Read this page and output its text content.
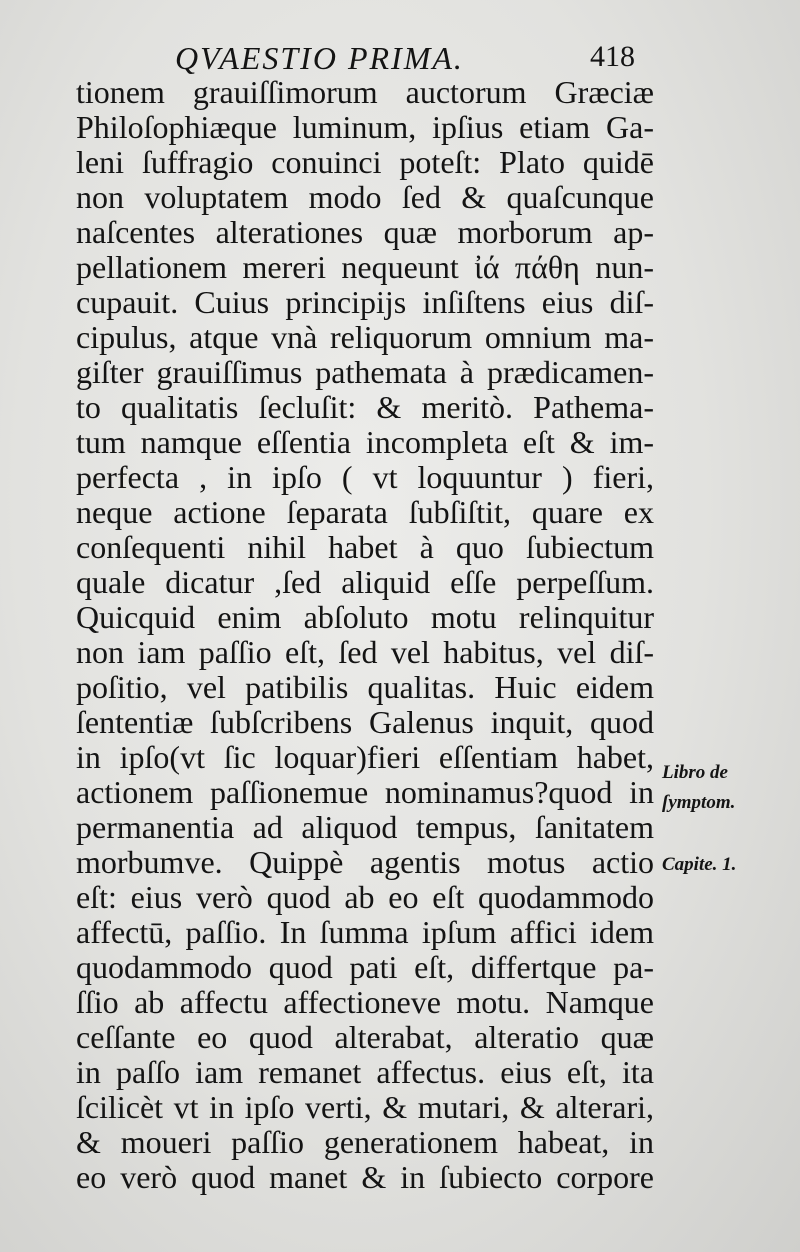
QVAESTIO PRIMA.	418
tionem grauiſſimorum auctorum Græciæ
Philoſophiæque luminum, ipſius etiam Ga-
leni ſuffragio conuinci poteſt: Plato quidē
non voluptatem modo ſed & quaſcunque
naſcentes alterationes quæ morborum ap-
pellationem mereri nequeunt ἰά πάθη nun-
cupauit. Cuius principijs inſiſtens eius diſ-
cipulus, atque vnà reliquorum omnium ma-
giſter grauiſſimus pathemata à prædicamen-
to qualitatis ſecluſit: & meritò. Pathema-
tum namque eſſentia incompleta eſt & im-
perfecta , in ipſo ( vt loquuntur ) fieri,
neque actione ſeparata ſubſiſtit, quare ex
conſequenti nihil habet à quo ſubiectum
quale dicatur ,ſed aliquid eſſe perpeſſum.
Quicquid enim abſoluto motu relinquitur
non iam paſſio eſt, ſed vel habitus, vel diſ-
poſitio, vel patibilis qualitas. Huic eidem
ſententiæ ſubſcribens Galenus inquit, quod
in ipſo(vt ſic loquar)fieri eſſentiam habet,
actionem paſſionemue nominamus?quod in
permanentia ad aliquod tempus, ſanitatem
morbumve. Quippè agentis motus actio
eſt: eius verò quod ab eo eſt quodammodo
affectū, paſſio. In ſumma ipſum affici idem
quodammodo quod pati eſt, differtque pa-
ſſio ab affectu affectioneve motu. Namque
ceſſante eo quod alterabat, alteratio quæ
in paſſo iam remanet affectus. eius eſt, ita
ſcilicèt vt in ipſo verti, & mutari, & alterari,
& moueri paſſio generationem habeat, in
eo verò quod manet & in ſubiecto corpore
Libro de
ſymptom.
Capite. 1.
